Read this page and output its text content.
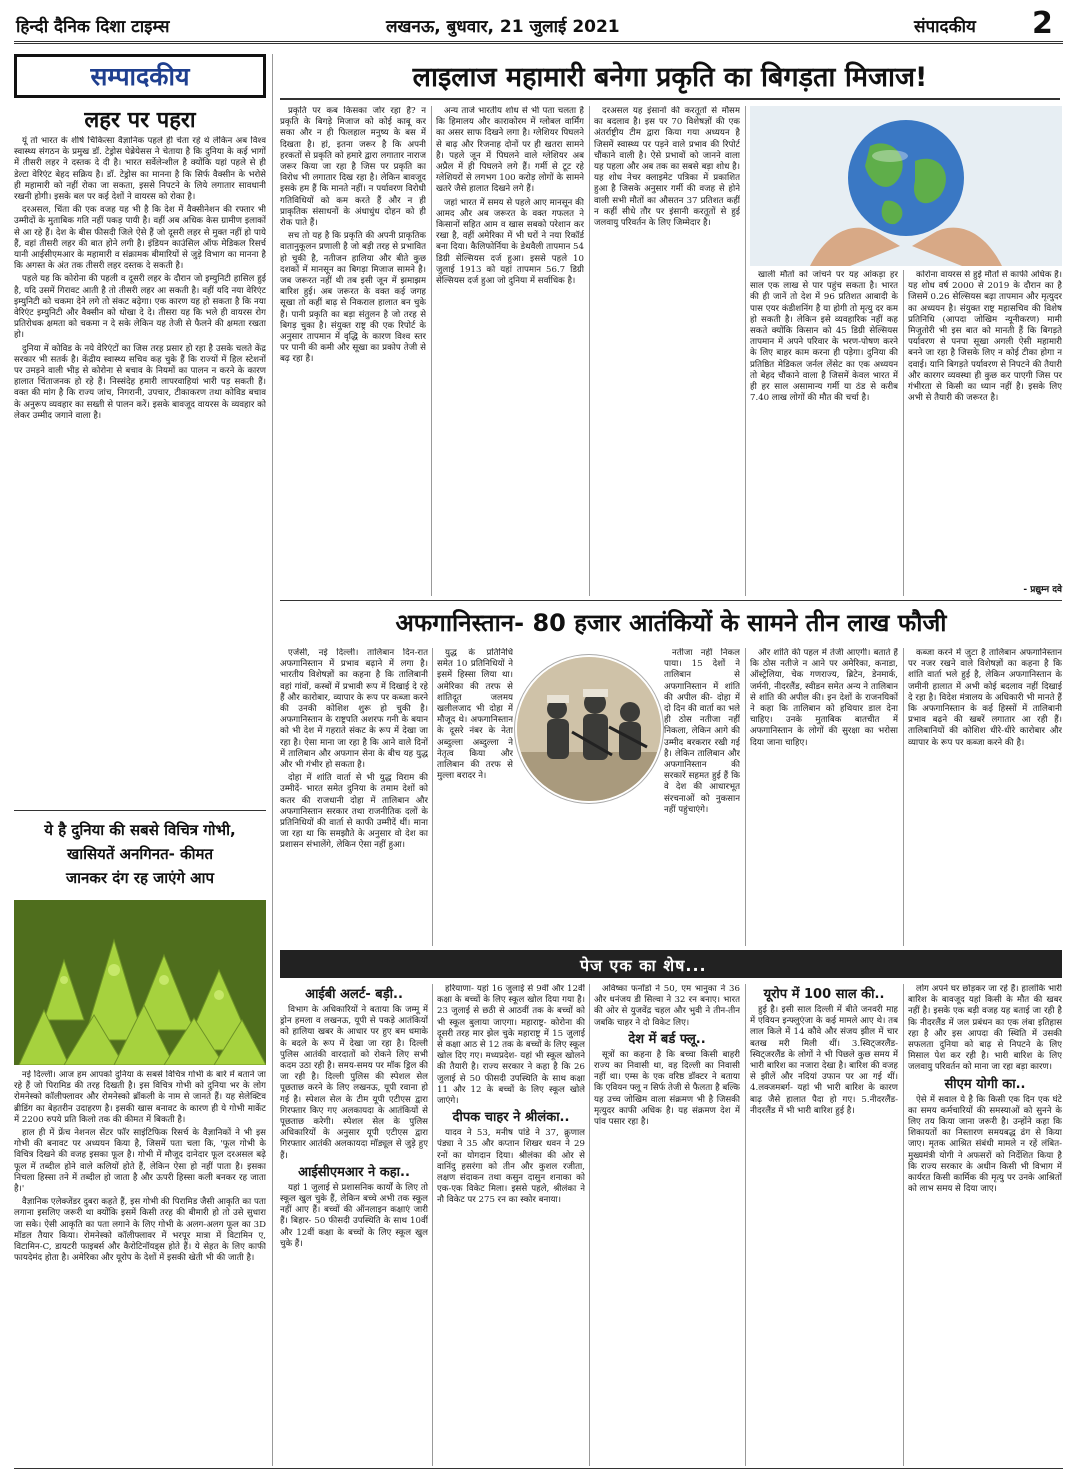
हिन्दी दैनिक दिशा टाइम्स	लखनऊ, बुधवार, 21 जुलाई 2021	संपादकीय 2
सम्पादकीय
लहर पर पहरा

यूं तो भारत के शीर्ष चिकित्सा वैज्ञानिक पहले ही चेता रहे थे लेकिन अब विश्व स्वास्थ्य संगठन के प्रमुख डॉ. टेड्रोस घेब्रेयेसस ने चेताया है कि दुनिया के कई भागों में तीसरी लहर ने दस्तक दे दी है। भारत सर्वेलेन्शील है क्योंकि यहां पहले से ही डेल्टा वेरिएंट बेहद सक्रिय है। डॉ. टेड्रोस का मानना है कि सिर्फ वैक्सीन के भरोसे ही महामारी को नहीं रोका जा सकता, इससे निपटने के लिये लगातार सावधानी रखनी होगी। इसके बल पर कई देशों ने वायरस को रोका है।

दरअसल, चिंता की एक वजह यह भी है कि देश में वैक्सीनेशन की रफ्तार भी उम्मीदों के मुताबिक गति नहीं पकड़ पायी है। वहीं अब अधिक केस ग्रामीण इलाकों से आ रहे हैं। देश के बीस फीसदी जिले ऐसे हैं जो दूसरी लहर से मुक्त नहीं हो पाये हैं, वहां तीसरी लहर की बात होने लगी है। इंडियन काउंसिल ऑफ मेडिकल रिसर्च यानी आईसीएमआर के महामारी व संक्रामक बीमारियों से जुड़े विभाग का मानना है कि अगस्त के अंत तक तीसरी लहर दस्तक दे सकती है।

पहले यह कि कोरोना की पहली व दूसरी लहर के दौरान जो इम्युनिटी हासिल हुई है, यदि उसमें गिरावट आती है तो तीसरी लहर आ सकती है। वहीं यदि नया वेरिएंट इम्युनिटी को चकमा देने लगे तो संकट बढ़ेगा। एक कारण यह हो सकता है कि नया वेरिएंट इम्युनिटी और वैक्सीन को धोखा दे दे। तीसरा यह कि भले ही वायरस रोग प्रतिरोधक क्षमता को चकमा न दे सके लेकिन यह तेजी से फैलने की क्षमता रखता हो।

दुनिया में कोविड के नये वेरिएंटों का जिस तरह प्रसार हो रहा है उसके चलते केंद्र सरकार भी सतर्क है। केंद्रीय स्वास्थ्य सचिव कह चुके हैं कि राज्यों में हिल स्टेशनों पर उमड़ने वाली भीड़ से कोरोना से बचाव के नियमों का पालन न करने के कारण हालात चिंताजनक हो रहे हैं। निस्संदेह हमारी लापरवाहियां भारी पड़ सकती हैं। वक्त की मांग है कि राज्य जांच, निगरानी, उपचार, टीकाकरण तथा कोविड बचाव के अनुरूप व्यवहार का सख्ती से पालन करें। इसके बावजूद वायरस के व्यवहार को लेकर उम्मीद जगाने वाला है।

ये है दुनिया की सबसे विचित्र गोभी,
खासियतें अनगिनत- कीमत
जानकर दंग रह जाएंगे आप

नई दिल्ली। आज हम आपको दुनिया के सबसे विचित्र गोभी के बारे में बताने जा रहे हैं जो पिरामिड की तरह दिखती है। इस विचित्र गोभी को दुनिया भर के लोग रोमनेस्को कॉलीफ्लावर और रोमनेस्को ब्रॉकली के नाम से जानते हैं। यह सेलेक्टिव ब्रीडिंग का बेहतरीन उदाहरण है। इसकी खास बनावट के कारण ही ये गोभी मार्केट में 2200 रुपये प्रति किलो तक की कीमत में बिकती है।

हाल ही में फ्रेंच नेशनल सेंटर फॉर साइंटिफिक रिसर्च के वैज्ञानिकों ने भी इस गोभी की बनावट पर अध्ययन किया है, जिसमें पता चला कि, 'फूल गोभी के विचित्र दिखने की वजह इसका फूल है। गोभी में मौजूद दानेदार फूल दरअसल बढ़े फूल में तब्दील होने वाले कलियों होते हैं, लेकिन ऐसा हो नहीं पाता है। इसका निचला हिस्सा तने में तब्दील हो जाता है और ऊपरी हिस्सा कली बनकर रह जाता है।'

वैज्ञानिक एलेक्जेंडर दुबरा कहते हैं, इस गोभी की पिरामिड जैसी आकृति का पता लगाना इसलिए जरूरी था क्योंकि इसमें किसी तरह की बीमारी हो तो उसे सुधारा जा सके। ऐसी आकृति का पता लगाने के लिए गोभी के अलग-अलग फूल का 3D मॉडल तैयार किया। रोमनेस्को कॉलीफ्लावर में भरपूर मात्रा में विटामिन ए, विटामिन-C, डायटरी फाइबर्स और कैरोटिनॉयड्स होते हैं। ये सेहत के लिए काफी फायदेमंद होता है। अमेरिका और यूरोप के देशों में इसकी खेती भी की जाती है।

लाइलाज महामारी बनेगा प्रकृति का बिगड़ता मिजाज!

प्रकृति पर कब किसका जोर रहा है? न प्रकृति के बिगड़े मिजाज को कोई काबू कर सका और न ही फिलहाल मनुष्य के बस में दिखता है। हां, इतना जरूर है कि अपनी हरकतों से प्रकृति को हमारे द्वारा लगातार नाराज जरूर किया जा रहा है जिस पर प्रकृति का विरोध भी लगातार दिख रहा है। लेकिन बावजूद इसके हम हैं कि मानते नहीं। न पर्यावरण विरोधी गतिविधियों को कम करते हैं और न ही प्राकृतिक संसाधनों के अंधाधुंध दोहन को ही रोक पाते हैं।

सच तो यह है कि प्रकृति की अपनी प्राकृतिक वातानुकूलन प्रणाली है जो बड़ी तरह से प्रभावित हो चुकी है, नतीजन हालिया और बीते कुछ दशकों में मानसून का बिगड़ा मिजाज सामने है। जब जरूरत नहीं थी तब इसी जून में झमाझम बारिश हुई। अब जरूरत के वक्त कई जगह सूखा तो कहीं बाढ़ से निकराल हालात बन चुके हैं। पानी प्रकृति का बड़ा संतुलन है जो तरह से बिगड़ चुका है। संयुक्त राष्ट्र की एक रिपोर्ट के अनुसार तापमान में वृद्धि के कारण विश्व स्तर पर पानी की कमी और सूखा का प्रकोप तेजी से बढ़ रहा है।

अन्य ताजे भारतीय शोध से भी पता चलता है कि हिमालय और काराकोरम में ग्लोबल वार्मिंग का असर साफ दिखने लगा है। ग्लेशियर पिघलने से बाढ़ और रिजनाह दोनों पर ही खतरा सामने है। पहले जून में पिघलने वाले ग्लेशियर अब अप्रैल में ही पिघलने लगे हैं। गर्मी से टूट रहे ग्लेशियरों से लगभग 100 करोड़ लोगों के सामने खतरे जैसे हालात दिखने लगे हैं।

जहां भारत में समय से पहले आए मानसून की आमद और अब जरूरत के वक्त गफलत ने किसानों सहित आम व खास सबको परेशान कर रखा है, वहीं अमेरिका में भी घरों ने नया रिकॉर्ड बना दिया। कैलिफोर्निया के डेथवैली तापमान 54 डिग्री सेल्सियस दर्ज हुआ। इससे पहले 10 जुलाई 1913 को यहां तापमान 56.7 डिग्री सेल्सियस दर्ज हुआ जो दुनिया में सर्वाधिक है।

दरअसल यह इंसानों की करतूतों से मौसम का बदलाव है। इस पर 70 विशेषज्ञों की एक अंतर्राष्ट्रीय टीम द्वारा किया गया अध्ययन है जिसमें स्वास्थ्य पर पड़ने वाले प्रभाव की रिपोर्ट चौंकाने वाली है। ऐसे प्रभावों को जानने वाला यह पहला और अब तक का सबसे बड़ा शोध है। यह शोध नेचर क्लाइमेट पत्रिका में प्रकाशित हुआ है जिसके अनुसार गर्मी की वजह से होने वाली सभी मौतों का औसतन 37 प्रतिशत कहीं न कहीं सीधे तौर पर इंसानी करतूतों से हुई जलवायु परिवर्तन के लिए जिम्मेदार है।

खाली मौतों को जांचने पर यह आंकड़ा हर साल एक लाख से पार पहुंच सकता है। भारत की ही जानें तो देश में 96 प्रतिशत आबादी के पास एयर कंडीशनिंग है या होगी तो मृत्यु दर कम हो सकती है। लेकिन इसे व्यवहारिक नहीं कह सकते क्योंकि किसान को 45 डिग्री सेल्सियस तापमान में अपने परिवार के भरण-पोषण करने के लिए बाहर काम करना ही पड़ेगा। दुनिया की प्रतिष्ठित मेडिकल जर्नल लेंसेट का एक अध्ययन तो बेहद चौंकाने वाला है जिसमें केवल भारत में ही हर साल असामान्य गर्मी या ठंड से करीब 7.40 लाख लोगों की मौत की चर्चा है।

कोरोना वायरस से हुई मौतों से काफी अधिक है। यह शोध वर्ष 2000 से 2019 के दौरान का है जिसमें 0.26 सेल्सियस बढ़ा तापमान और मृत्युदर का अध्ययन है। संयुक्त राष्ट्र महासचिव की विशेष प्रतिनिधि (आपदा जोखिम न्यूनीकरण) मामी मिजुतोरी भी इस बात को मानती हैं कि बिगड़ते पर्यावरण से पनपा सूखा अगली ऐसी महामारी बनने जा रहा है जिसके लिए न कोई टीका होगा न दवाई। यानि बिगड़ते पर्यावरण से निपटने की तैयारी और कारगर व्यवस्था ही कुछ कर पाएगी जिस पर गंभीरता से किसी का ध्यान नहीं है। इसके लिए अभी से तैयारी की जरूरत है।

- प्रद्युम्न दवे
अफगानिस्तान- 80 हजार आतंकियों के सामने तीन लाख फौजी

एजेंसी, नई दिल्ली। तालिबान दिन-रात अफगानिस्तान में प्रभाव बढ़ाने में लगा है। भारतीय विशेषज्ञों का कहना है कि तालिबानी वहां गांवों, कस्बों में प्रभावी रूप में दिखाई दे रहे हैं और कारोबार, व्यापार के रूप पर कब्जा करने की उनकी कोशिश शुरू हो चुकी है। अफगानिस्तान के राष्ट्रपति अशरफ गनी के बयान को भी देश में गहराते संकट के रूप में देखा जा रहा है। ऐसा माना जा रहा है कि आने वाले दिनों में तालिबान और अफगान सेना के बीच यह युद्ध और भी गंभीर हो सकता है।

दोहा में शांति वार्ता से भी युद्ध विराम की उम्मीदें- भारत समेत दुनिया के तमाम देशों को कतर की राजधानी दोहा में तालिबान और अफगानिस्तान सरकार तथा राजनीतिक दलों के प्रतिनिधियों की वार्ता से काफी उम्मीदें थीं। माना जा रहा था कि समझौते के अनुसार वो देश का प्रशासन संभालेंगे, लेकिन ऐसा नहीं हुआ।

युद्ध के प्रतिनिधि समेत 10 प्रतिनिधियों ने इसमें हिस्सा लिया था। अमेरिका की तरफ से शांतिदूत जलमय खलीलजाद भी दोहा में मौजूद थे। अफगानिस्तान के दूसरे नंबर के नेता अब्दुल्ला अब्दुल्ला ने नेतृत्व किया और तालिबान की तरफ से मुल्ला बरादर ने।

नतीजा नहीं निकल पाया। 15 देशों ने तालिबान से अफगानिस्तान में शांति की अपील की- दोहा में दो दिन की वार्ता का भले ही ठोस नतीजा नहीं निकला, लेकिन आगे की उम्मीद बरकरार रखी गई है। लेकिन तालिबान और अफगानिस्तान की सरकारें सहमत हुई हैं कि वे देश की आधारभूत संरचनाओं को नुकसान नहीं पहुंचाएंगे।

और शांति की पहल में तेजी आएगी। बताते हैं कि ठोस नतीजे न आने पर अमेरिका, कनाडा, ऑस्ट्रेलिया, चेक गणराज्य, ब्रिटेन, डेनमार्क, जर्मनी, नीदरलैंड, स्वीडन समेत अन्य ने तालिबान से शांति की अपील की। इन देशों के राजनयिकों ने कहा कि तालिबान को हथियार डाल देना चाहिए। उनके मुताबिक बातचीत में अफगानिस्तान के लोगों की सुरक्षा का भरोसा दिया जाना चाहिए।

कब्जा करने में जुटा है तालिबान अफगानिस्तान पर नजर रखने वाले विशेषज्ञों का कहना है कि शांति वार्ता भले हुई है, लेकिन अफगानिस्तान के जमीनी हालात में अभी कोई बदलाव नहीं दिखाई दे रहा है। विदेश मंत्रालय के अधिकारी भी मानते हैं कि अफगानिस्तान के कई हिस्सों में तालिबानी प्रभाव बढ़ने की खबरें लगातार आ रही हैं। तालिबानियों की कोशिश धीरे-धीरे कारोबार और व्यापार के रूप पर कब्जा करने की है।

पेज एक का शेष...

आईबी अलर्ट- बड़ी..

विभाग के अधिकारियों ने बताया कि जम्मू में ड्रोन हमला व लखनऊ, यूपी से पकड़े आतंकियों को हालिया खबर के आधार पर हुए बम धमाके के बदले के रूप में देखा जा रहा है। दिल्ली पुलिस आतंकी वारदातों को रोकने लिए सभी कदम उठा रही है। समय-समय पर मॉक ड्रिल की जा रही है। दिल्ली पुलिस की स्पेशल सेल पूछताछ करने के लिए लखनऊ, यूपी रवाना हो गई है। स्पेशल सेल के टीम यूपी एटीएस द्वारा गिरफ्तार किए गए अलकायदा के आतंकियों से पूछताछ करेगी। स्पेशल सेल के पुलिस अधिकारियों के अनुसार यूपी एटीएस द्वारा गिरफ्तार आतंकी अलकायदा मॉड्यूल से जुड़े हुए हैं।

आईसीएमआर ने कहा..

यहां 1 जुलाई से प्रशासनिक कार्यों के लिए तो स्कूल खुल चुके हैं, लेकिन बच्चे अभी तक स्कूल नहीं आए हैं। बच्चों की ऑनलाइन कक्षाएं जारी हैं। बिहार- 50 फीसदी उपस्थिति के साथ 10वीं और 12वीं कक्षा के बच्चों के लिए स्कूल खुल चुके हैं।

हरियाणा- यहां 16 जुलाई से 9वीं और 12वीं कक्षा के बच्चों के लिए स्कूल खोल दिया गया है। 23 जुलाई से छठी से आठवीं तक के बच्चों को भी स्कूल बुलाया जाएगा। महाराष्ट्र- कोरोना की दूसरी तरह मार झेल चुके महाराष्ट्र में 15 जुलाई से कक्षा आठ से 12 तक के बच्चों के लिए स्कूल खोल दिए गए। मध्यप्रदेश- यहां भी स्कूल खोलने की तैयारी है। राज्य सरकार ने कहा है कि 26 जुलाई से 50 फीसदी उपस्थिति के साथ कक्षा 11 और 12 के बच्चों के लिए स्कूल खोले जाएंगे।

दीपक चाहर ने श्रीलंका..

यादव ने 53, मनीष पांडे ने 37, क्रुणाल पंड्या ने 35 और कप्तान शिखर धवन ने 29 रनों का योगदान दिया। श्रीलंका की ओर से वानिंदु हसरंगा को तीन और कुशल रजीता, लक्षण संदाकन तथा कसुन दासुन शनाका को एक-एक विकेट मिला। इससे पहले, श्रीलंका ने नौ विकेट पर 275 रन का स्कोर बनाया।

अविष्का फर्नांडो ने 50, एम भानुका ने 36 और धनंजय डी सिल्वा ने 32 रन बनाए। भारत की ओर से युजवेंद्र चहल और भुवी ने तीन-तीन जबकि चाहर ने दो विकेट लिए।

देश में बर्ड फ्लू..

सूत्रों का कहना है कि बच्चा किसी बाहरी राज्य का निवासी था, वह दिल्ली का निवासी नहीं था। एम्स के एक वरिष्ठ डॉक्टर ने बताया कि एवियन फ्लू न सिर्फ तेजी से फैलता है बल्कि यह उच्च जोखिम वाला संक्रमण भी है जिसकी मृत्युदर काफी अधिक है। यह संक्रमण देश में पांव पसार रहा है।

यूरोप में 100 साल की..

हुई है। इसी साल दिल्ली में बीते जनवरी माह में एवियन इन्फ्लुएंजा के कई मामले आए थे। तब लाल किले में 14 कौवे और संजय झील में चार बतख मरी मिली थीं। 3.स्विट्जरलैंड- स्विट्जरलैंड के लोगों ने भी पिछले कुछ समय में भारी बारिश का नजारा देखा है। बारिश की वजह से झीलें और नदियां उफान पर आ गई थीं। 4.लक्जमबर्ग- यहां भी भारी बारिश के कारण बाढ़ जैसे हालात पैदा हो गए। 5.नीदरलैंड- नीदरलैंड में भी भारी बारिश हुई है।

लोग अपने घर छोड़कर जा रहे हैं। हालांकि भारी बारिश के बावजूद यहां किसी के मौत की खबर नहीं है। इसके एक बड़ी वजह यह बताई जा रही है कि नीदरलैंड में जल प्रबंधन का एक लंबा इतिहास रहा है और इस आपदा की स्थिति में उसकी सफलता दुनिया को बाढ़ से निपटने के लिए मिसाल पेश कर रही है। भारी बारिश के लिए जलवायु परिवर्तन को माना जा रहा बड़ा कारण।

सीएम योगी का..

ऐसे में सवाल ये है कि किसी एक दिन एक घंटे का समय कर्मचारियों की समस्याओं को सुनने के लिए तय किया जाना जरूरी है। उन्होंने कहा कि शिकायतों का निस्तारण समयबद्ध ढंग से किया जाए। मृतक आश्रित संबंधी मामले न रहें लंबित- मुख्यमंत्री योगी ने अफसरों को निर्देशित किया है कि राज्य सरकार के अधीन किसी भी विभाग में कार्यरत किसी कार्मिक की मृत्यु पर उनके आश्रितों को लाभ समय से दिया जाए।
